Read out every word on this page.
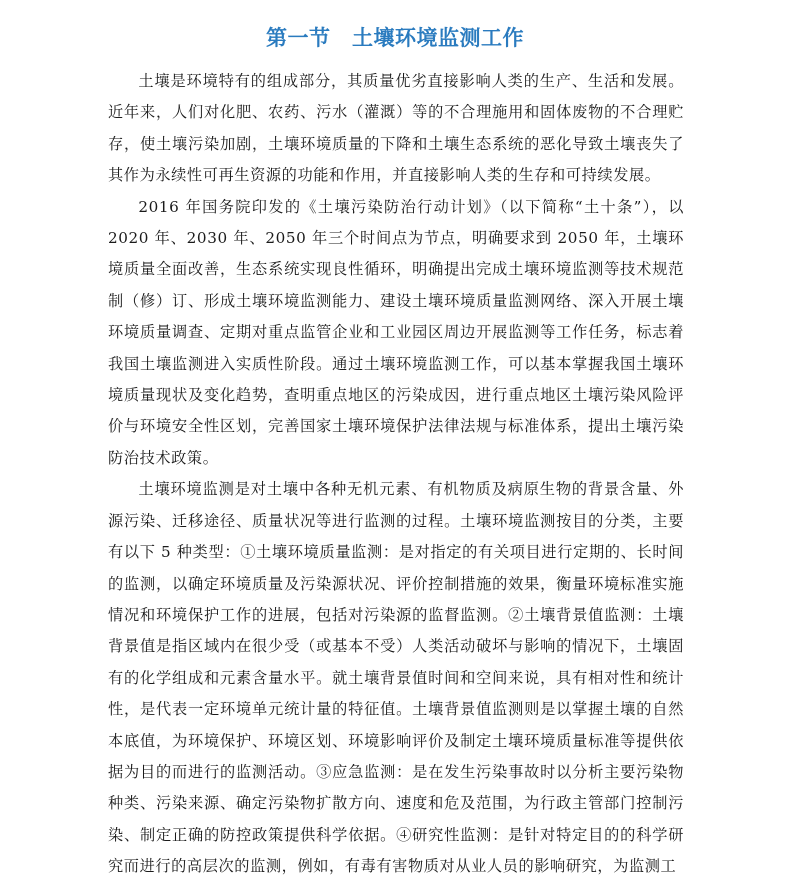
第一节　土壤环境监测工作

土壤是环境特有的组成部分，其质量优劣直接影响人类的生产、生活和发展。近年来，人们对化肥、农药、污水（灌溉）等的不合理施用和固体废物的不合理贮存，使土壤污染加剧，土壤环境质量的下降和土壤生态系统的恶化导致土壤丧失了其作为永续性可再生资源的功能和作用，并直接影响人类的生存和可持续发展。

2016 年国务院印发的《土壤污染防治行动计划》（以下简称“土十条”），以 2020 年、2030 年、2050 年三个时间点为节点，明确要求到 2050 年，土壤环境质量全面改善，生态系统实现良性循环，明确提出完成土壤环境监测等技术规范制（修）订、形成土壤环境监测能力、建设土壤环境质量监测网络、深入开展土壤环境质量调查、定期对重点监管企业和工业园区周边开展监测等工作任务，标志着我国土壤监测进入实质性阶段。通过土壤环境监测工作，可以基本掌握我国土壤环境质量现状及变化趋势，查明重点地区的污染成因，进行重点地区土壤污染风险评价与环境安全性区划，完善国家土壤环境保护法律法规与标准体系，提出土壤污染防治技术政策。

土壤环境监测是对土壤中各种无机元素、有机物质及病原生物的背景含量、外源污染、迁移途径、质量状况等进行监测的过程。土壤环境监测按目的分类，主要有以下 5 种类型：①土壤环境质量监测：是对指定的有关项目进行定期的、长时间的监测，以确定环境质量及污染源状况、评价控制措施的效果，衡量环境标准实施情况和环境保护工作的进展，包括对污染源的监督监测。②土壤背景值监测：土壤背景值是指区域内在很少受（或基本不受）人类活动破坏与影响的情况下，土壤固有的化学组成和元素含量水平。就土壤背景值时间和空间来说，具有相对性和统计性，是代表一定环境单元统计量的特征值。土壤背景值监测则是以掌握土壤的自然本底值，为环境保护、环境区划、环境影响评价及制定土壤环境质量标准等提供依据为目的而进行的监测活动。③应急监测：是在发生污染事故时以分析主要污染物种类、污染来源、确定污染物扩散方向、速度和危及范围，为行政主管部门控制污染、制定正确的防控政策提供科学依据。④研究性监测：是针对特定目的的科学研究而进行的高层次的监测，例如，有毒有害物质对从业人员的影响研究，为监测工
